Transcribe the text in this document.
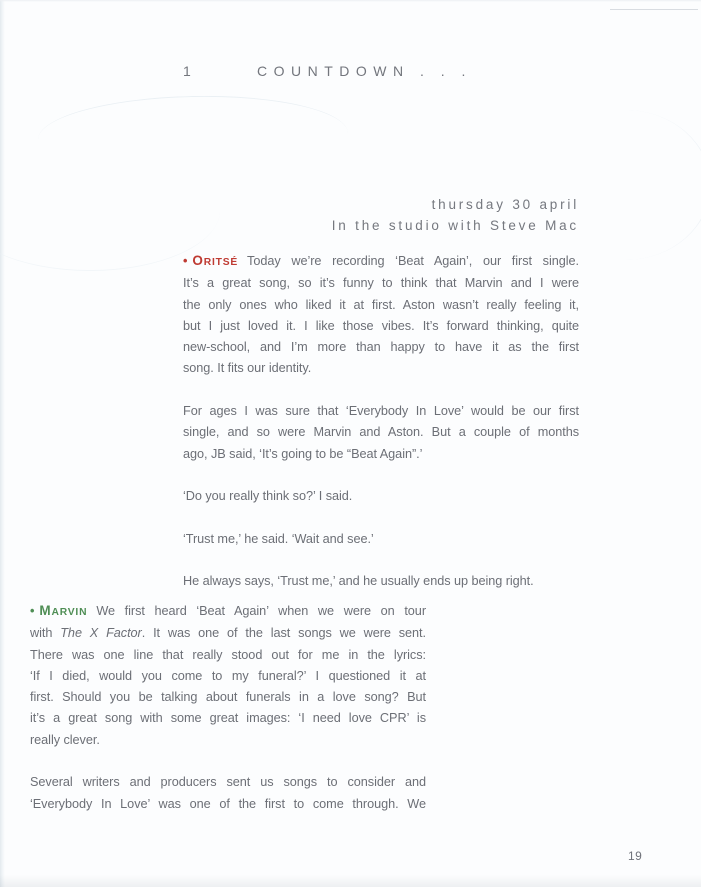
1	COUNTDOWN . . .
thursday 30 april
In the studio with Steve Mac
• ORITSÉ Today we’re recording ‘Beat Again’, our first single.
It’s a great song, so it’s funny to think that Marvin and I were
the only ones who liked it at first. Aston wasn’t really feeling it,
but I just loved it. I like those vibes. It’s forward thinking, quite
new-school, and I’m more than happy to have it as the first
song. It fits our identity.
For ages I was sure that ‘Everybody In Love’ would be our first
single, and so were Marvin and Aston. But a couple of months
ago, JB said, ‘It’s going to be “Beat Again”.’
‘Do you really think so?’ I said.
‘Trust me,’ he said. ‘Wait and see.’
He always says, ‘Trust me,’ and he usually ends up being right.
• MARVIN We first heard ‘Beat Again’ when we were on tour
with The X Factor. It was one of the last songs we were sent.
There was one line that really stood out for me in the lyrics:
‘If I died, would you come to my funeral?’ I questioned it at
first. Should you be talking about funerals in a love song? But
it’s a great song with some great images: ‘I need love CPR’ is
really clever.
Several writers and producers sent us songs to consider and
‘Everybody In Love’ was one of the first to come through. We
19
